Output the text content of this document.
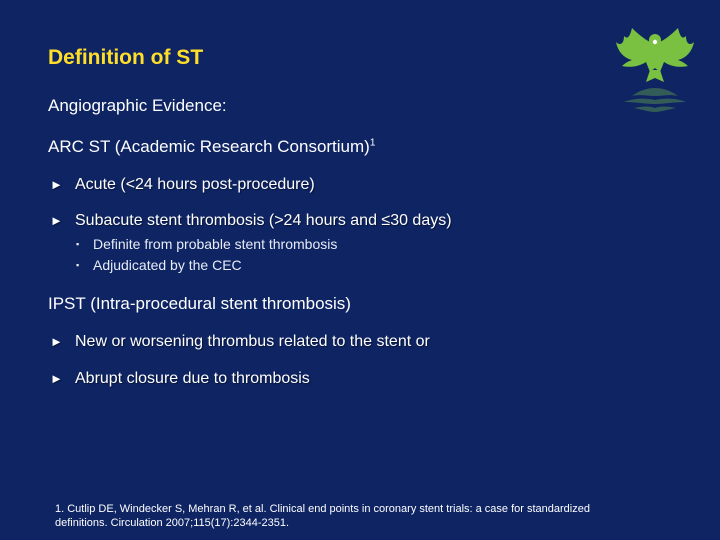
Definition of ST
Angiographic Evidence:
ARC ST (Academic Research Consortium)$^1$
► Acute (<24 hours post-procedure)
► Subacute stent thrombosis (>24 hours and ≤30 days)
▪ Definite from probable stent thrombosis
▪ Adjudicated by the CEC
IPST (Intra-procedural stent thrombosis)
► New or worsening thrombus related to the stent or
► Abrupt closure due to thrombosis
1. Cutlip DE, Windecker S, Mehran R, et al. Clinical end points in coronary stent trials: a case for standardized
definitions. Circulation 2007;115(17):2344-2351.
